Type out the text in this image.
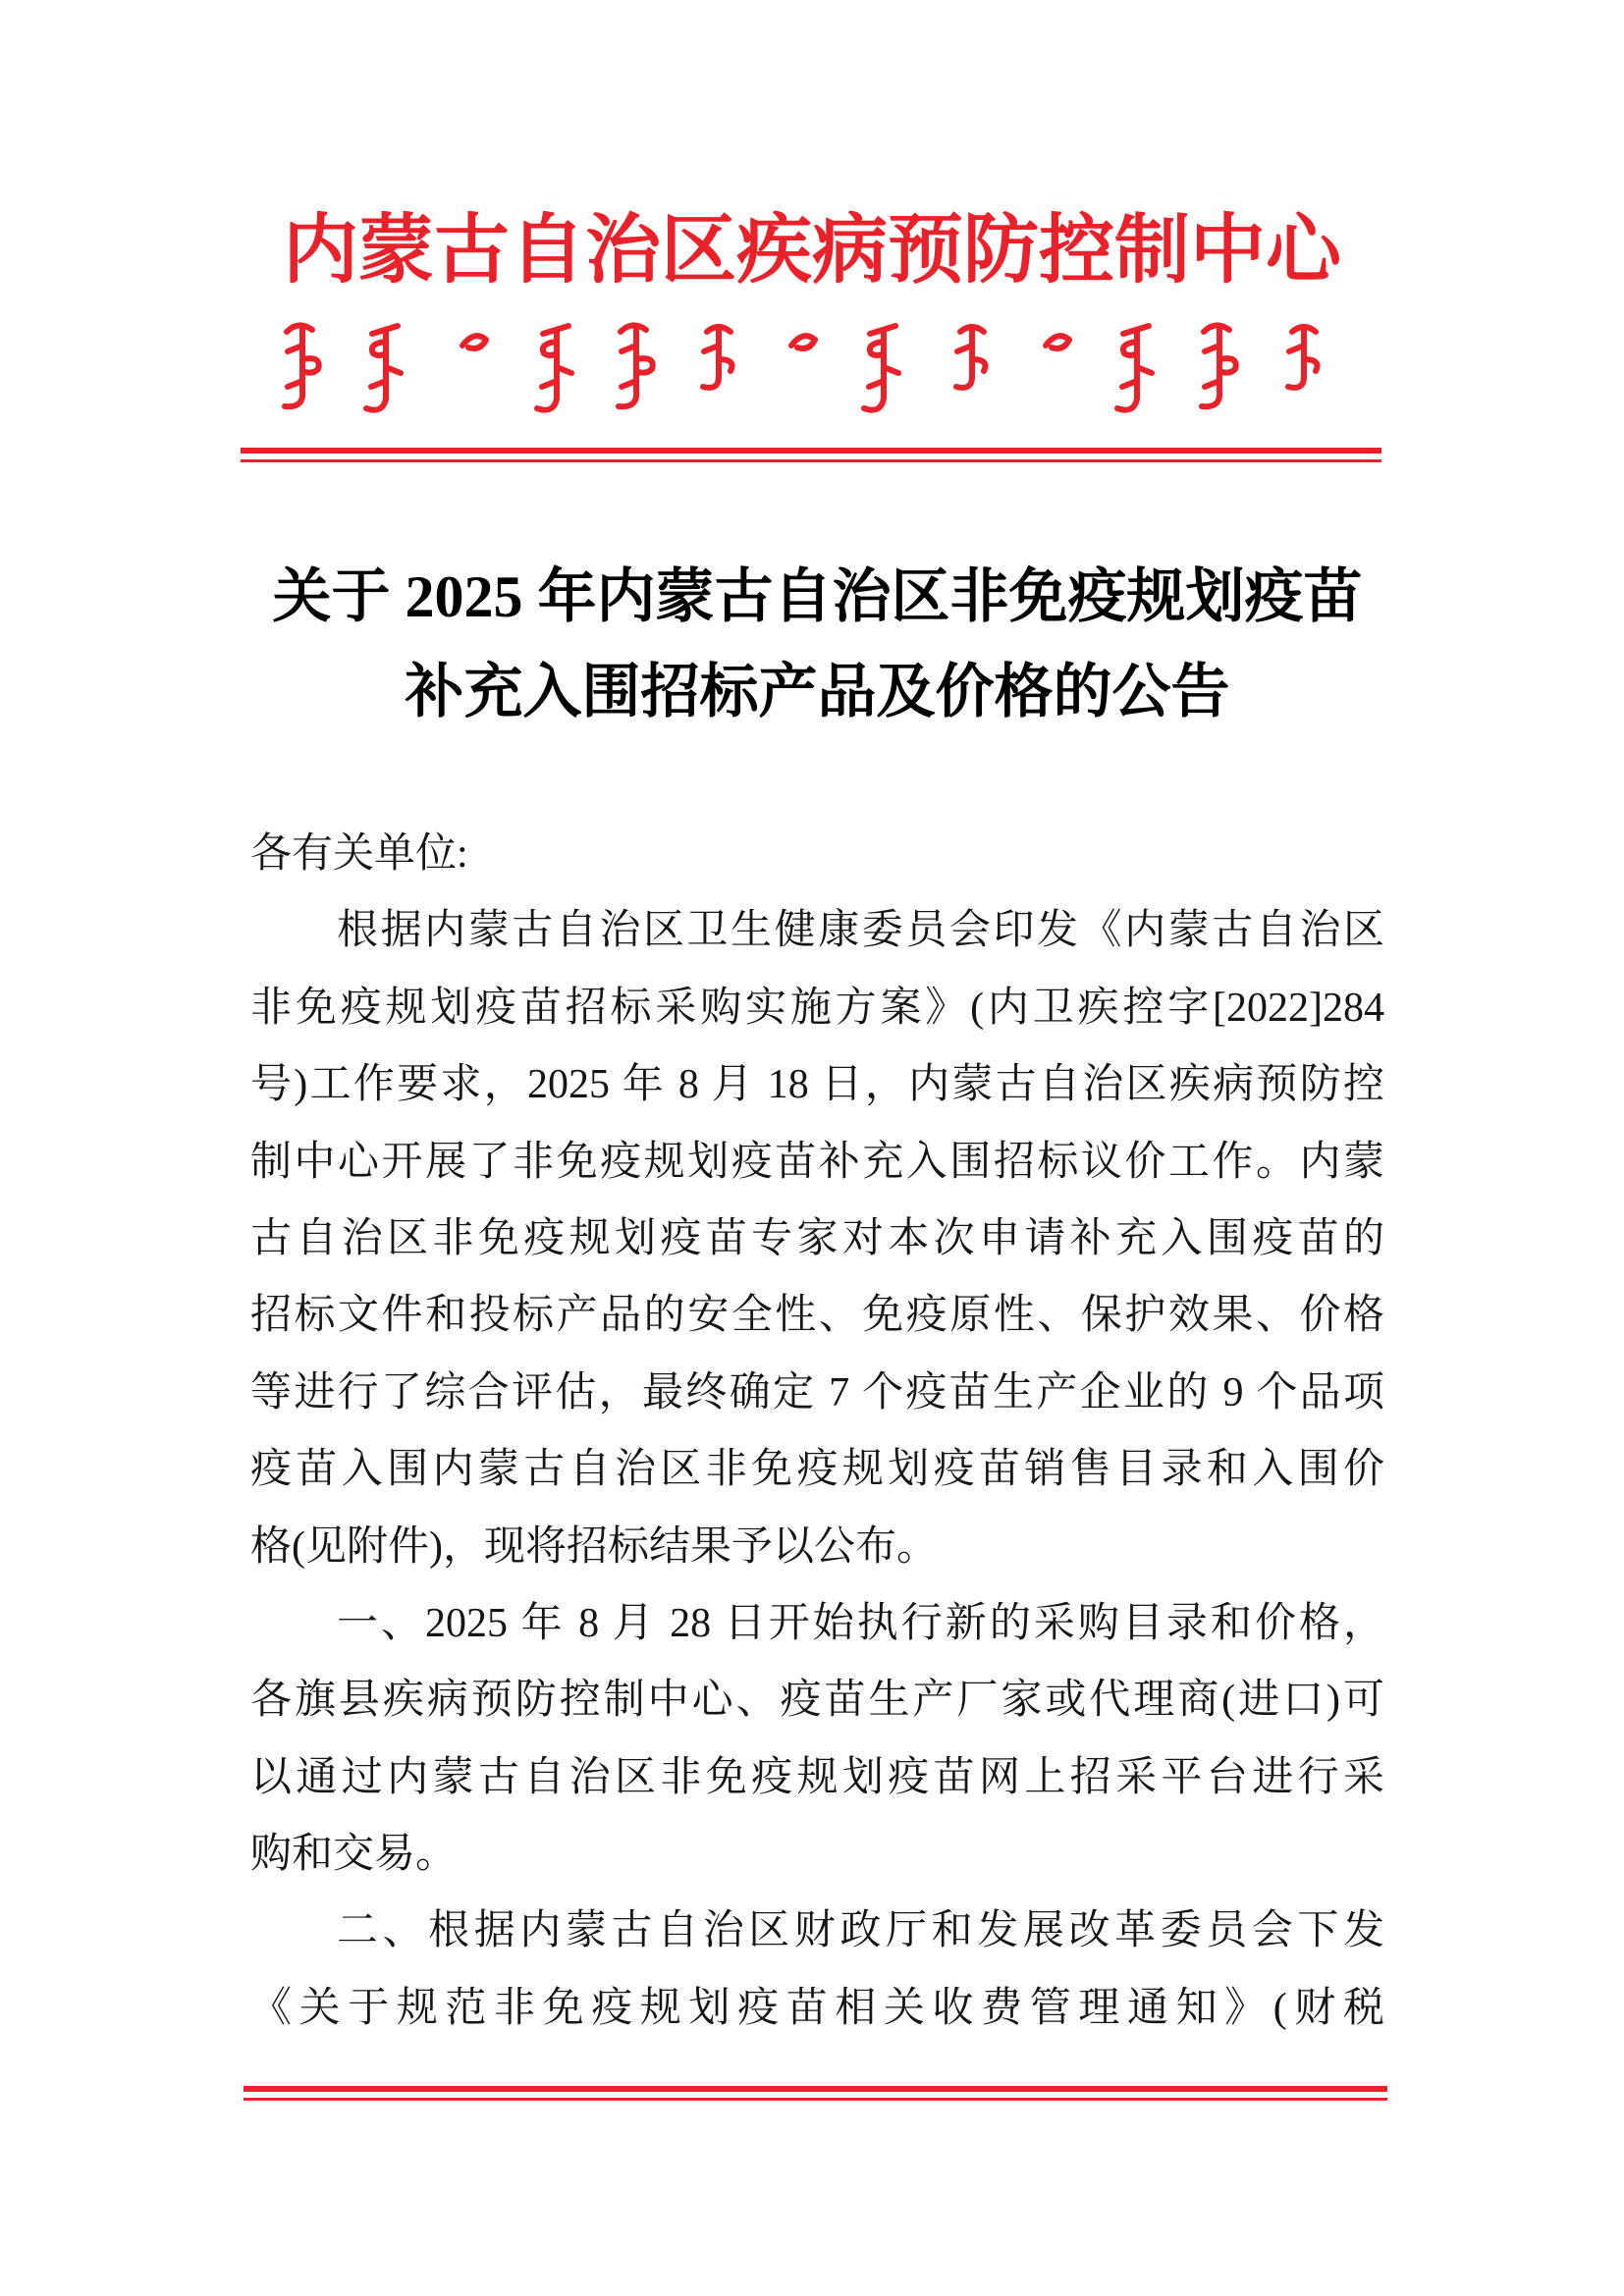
内蒙古自治区疾病预防控制中心
关于 2025 年内蒙古自治区非免疫规划疫苗
补充入围招标产品及价格的公告
各有关单位:
根据内蒙古自治区卫生健康委员会印发《内蒙古自治区
非免疫规划疫苗招标采购实施方案》(内卫疾控字[2022]284
号)工作要求，2025 年 8 月 18 日，内蒙古自治区疾病预防控
制中心开展了非免疫规划疫苗补充入围招标议价工作。内蒙
古自治区非免疫规划疫苗专家对本次申请补充入围疫苗的
招标文件和投标产品的安全性、免疫原性、保护效果、价格
等进行了综合评估，最终确定 7 个疫苗生产企业的 9 个品项
疫苗入围内蒙古自治区非免疫规划疫苗销售目录和入围价
格(见附件)，现将招标结果予以公布。
一、2025 年 8 月 28 日开始执行新的采购目录和价格，
各旗县疾病预防控制中心、疫苗生产厂家或代理商(进口)可
以通过内蒙古自治区非免疫规划疫苗网上招采平台进行采
购和交易。
二、根据内蒙古自治区财政厅和发展改革委员会下发
《关于规范非免疫规划疫苗相关收费管理通知》(财税
